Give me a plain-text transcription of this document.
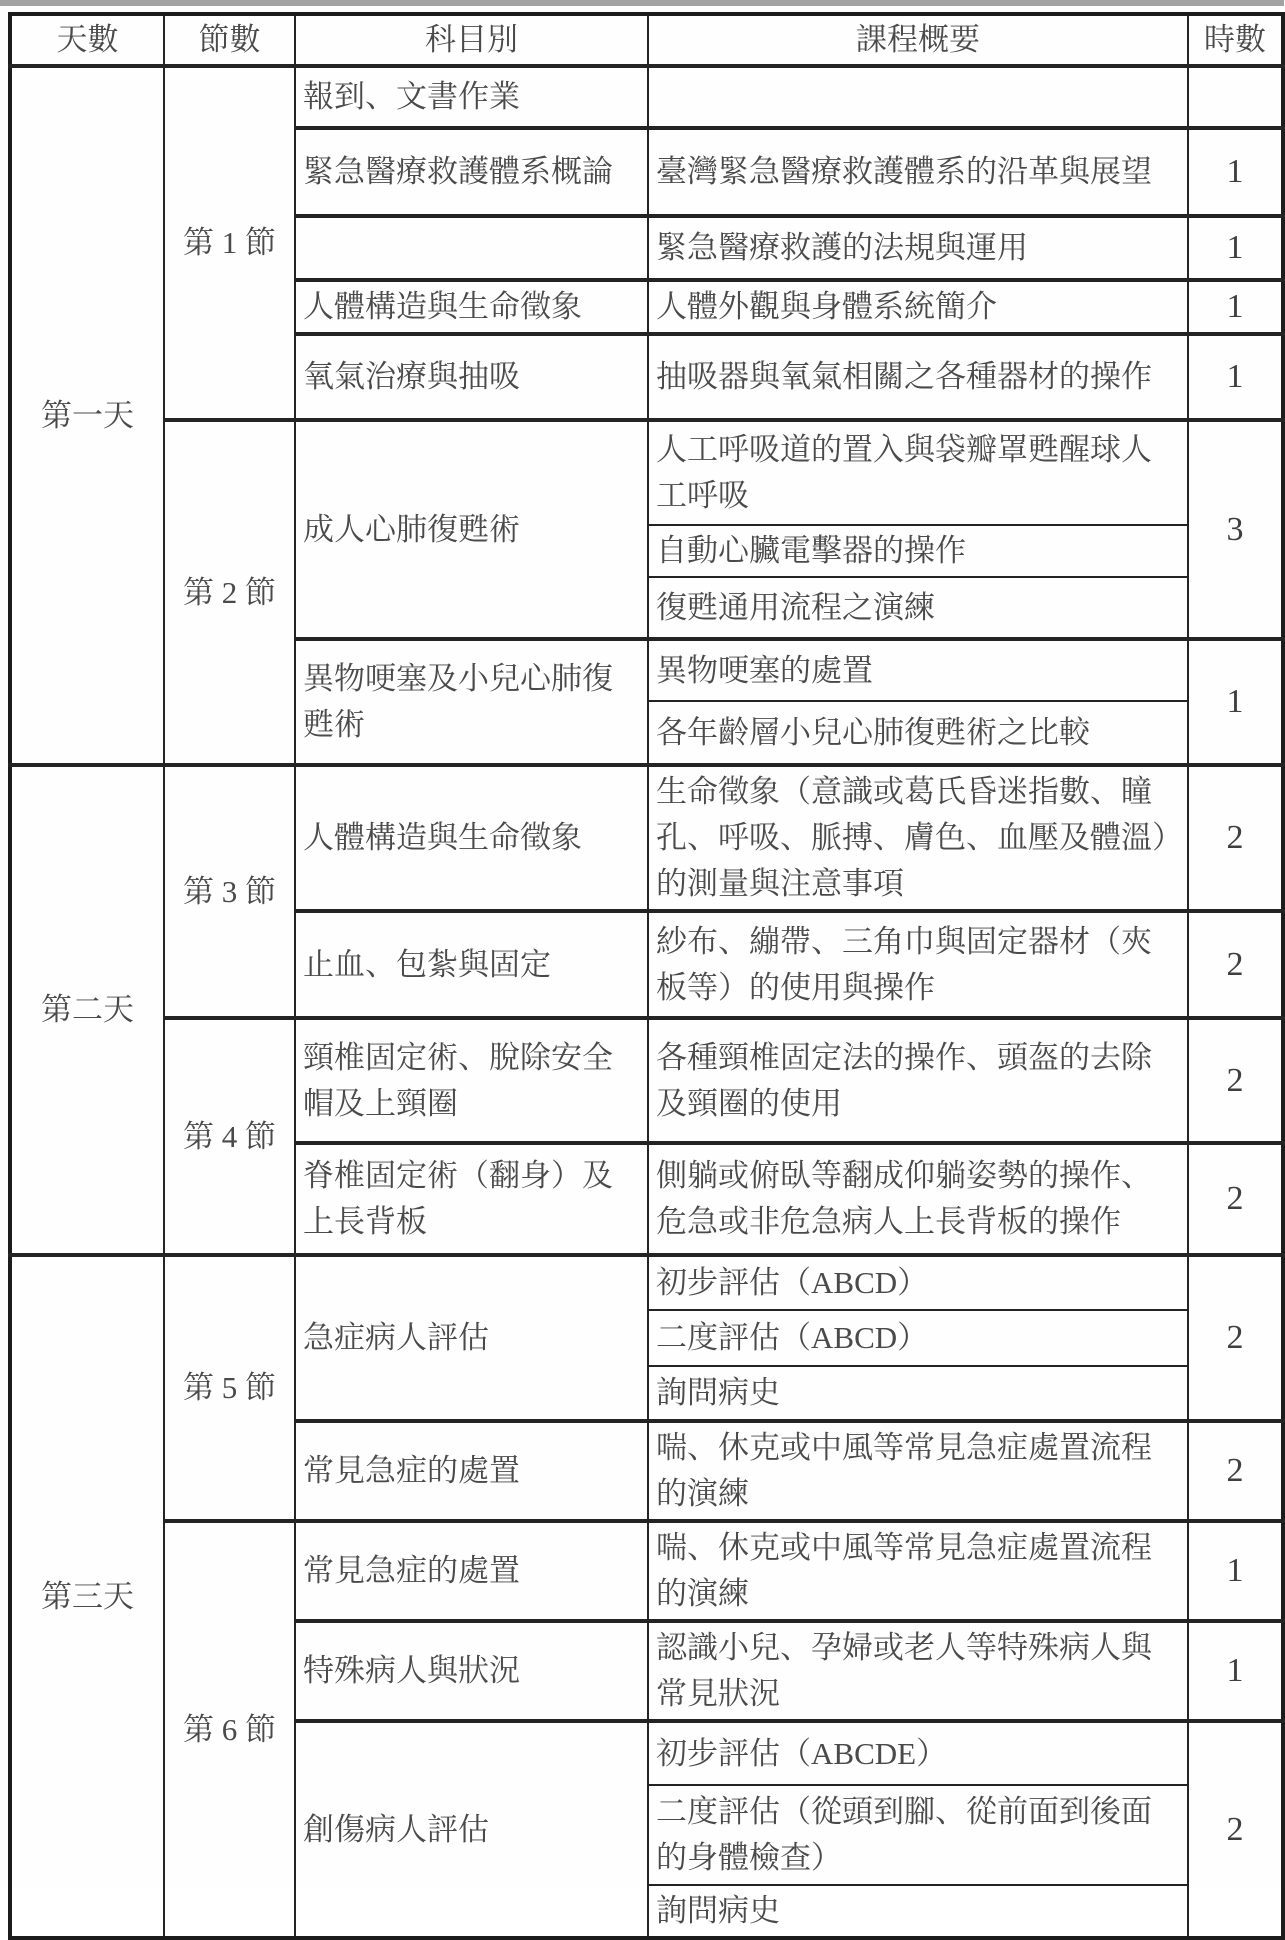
天數	節數	科目別	課程概要	時數
第一天	第 1 節	報到、文書作業		
		緊急醫療救護體系概論	臺灣緊急醫療救護體系的沿革與展望	1
			緊急醫療救護的法規與運用	1
		人體構造與生命徵象	人體外觀與身體系統簡介	1
		氧氣治療與抽吸	抽吸器與氧氣相關之各種器材的操作	1
	第 2 節	成人心肺復甦術	人工呼吸道的置入與袋瓣罩甦醒球人工呼吸	3
			自動心臟電擊器的操作	
			復甦通用流程之演練	
		異物哽塞及小兒心肺復甦術	異物哽塞的處置	1
			各年齡層小兒心肺復甦術之比較	
第二天	第 3 節	人體構造與生命徵象	生命徵象（意識或葛氏昏迷指數、瞳孔、呼吸、脈搏、膚色、血壓及體溫）的測量與注意事項	2
		止血、包紮與固定	紗布、繃帶、三角巾與固定器材（夾板等）的使用與操作	2
	第 4 節	頸椎固定術、脫除安全帽及上頸圈	各種頸椎固定法的操作、頭盔的去除及頸圈的使用	2
		脊椎固定術（翻身）及上長背板	側躺或俯臥等翻成仰躺姿勢的操作、危急或非危急病人上長背板的操作	2
第三天	第 5 節	急症病人評估	初步評估（ABCD）	2
			二度評估（ABCD）	
			詢問病史	
		常見急症的處置	喘、休克或中風等常見急症處置流程的演練	2
	第 6 節	常見急症的處置	喘、休克或中風等常見急症處置流程的演練	1
		特殊病人與狀況	認識小兒、孕婦或老人等特殊病人與常見狀況	1
		創傷病人評估	初步評估（ABCDE）	2
			二度評估（從頭到腳、從前面到後面的身體檢查）	
			詢問病史	
